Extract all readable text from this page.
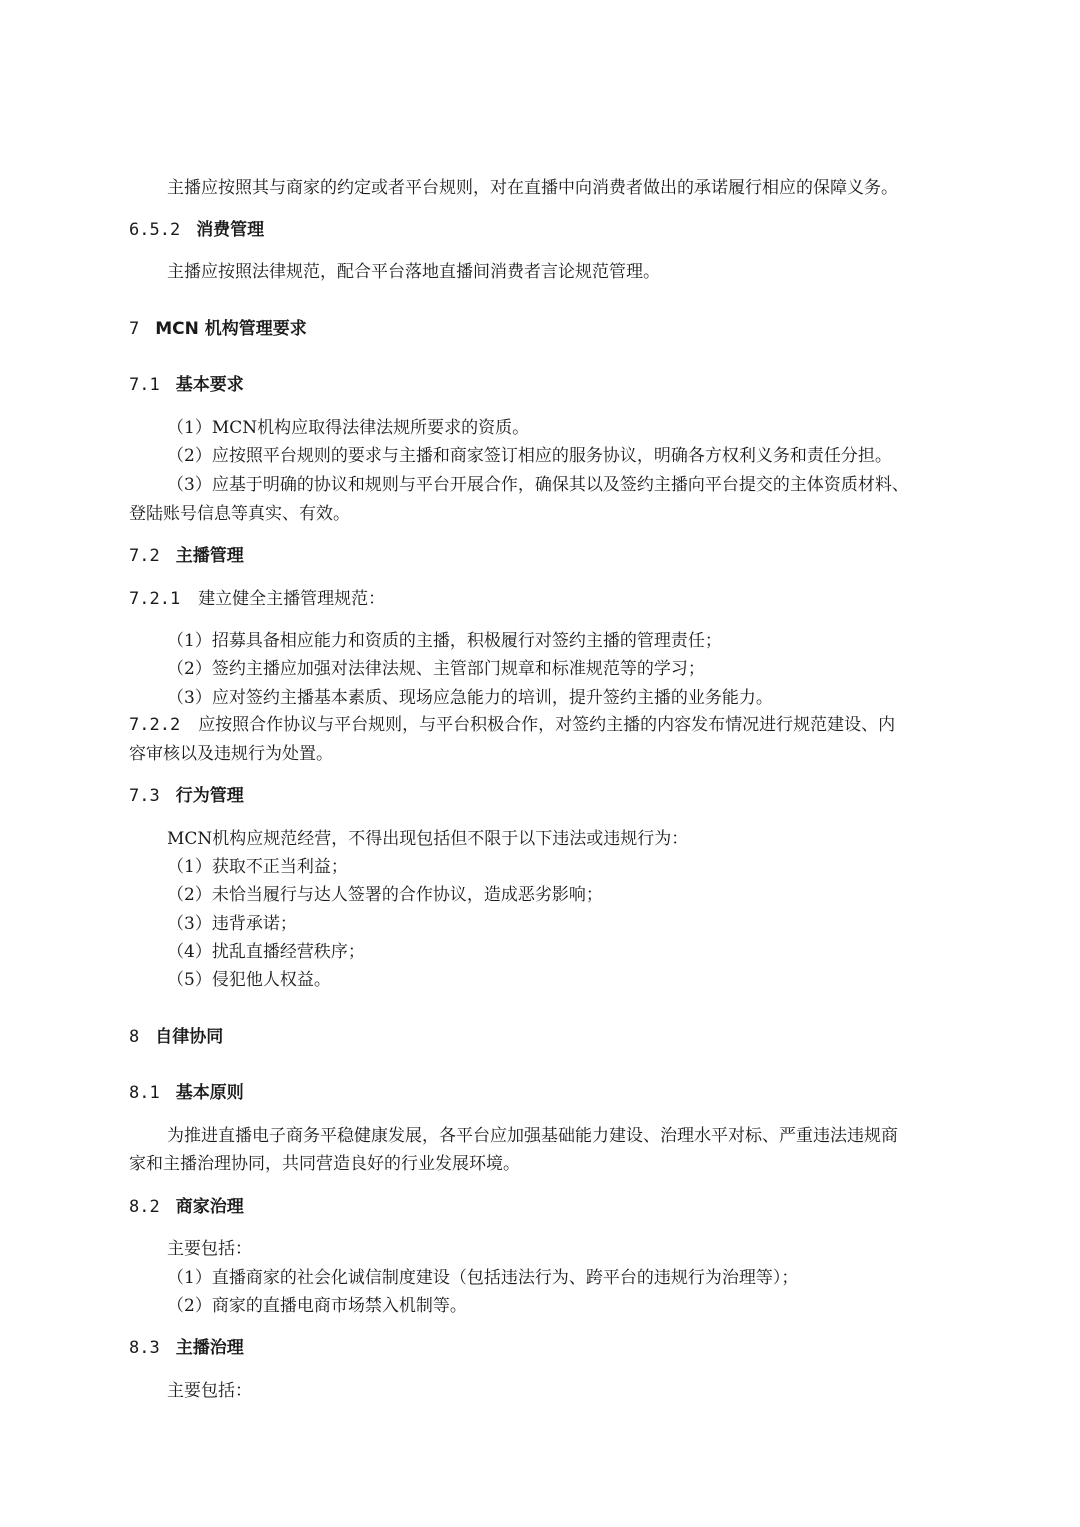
主播应按照其与商家的约定或者平台规则，对在直播中向消费者做出的承诺履行相应的保障义务。
6.5.2 消费管理
主播应按照法律规范，配合平台落地直播间消费者言论规范管理。
7 MCN 机构管理要求
7.1 基本要求
（1）MCN机构应取得法律法规所要求的资质。
（2）应按照平台规则的要求与主播和商家签订相应的服务协议，明确各方权利义务和责任分担。
（3）应基于明确的协议和规则与平台开展合作，确保其以及签约主播向平台提交的主体资质材料、
登陆账号信息等真实、有效。
7.2 主播管理
7.2.1 建立健全主播管理规范：
（1）招募具备相应能力和资质的主播，积极履行对签约主播的管理责任；
（2）签约主播应加强对法律法规、主管部门规章和标准规范等的学习；
（3）应对签约主播基本素质、现场应急能力的培训，提升签约主播的业务能力。
7.2.2 应按照合作协议与平台规则，与平台积极合作，对签约主播的内容发布情况进行规范建设、内
容审核以及违规行为处置。
7.3 行为管理
MCN机构应规范经营，不得出现包括但不限于以下违法或违规行为：
（1）获取不正当利益；
（2）未恰当履行与达人签署的合作协议，造成恶劣影响；
（3）违背承诺；
（4）扰乱直播经营秩序；
（5）侵犯他人权益。
8 自律协同
8.1 基本原则
为推进直播电子商务平稳健康发展，各平台应加强基础能力建设、治理水平对标、严重违法违规商
家和主播治理协同，共同营造良好的行业发展环境。
8.2 商家治理
主要包括：
（1）直播商家的社会化诚信制度建设（包括违法行为、跨平台的违规行为治理等）；
（2）商家的直播电商市场禁入机制等。
8.3 主播治理
主要包括：
